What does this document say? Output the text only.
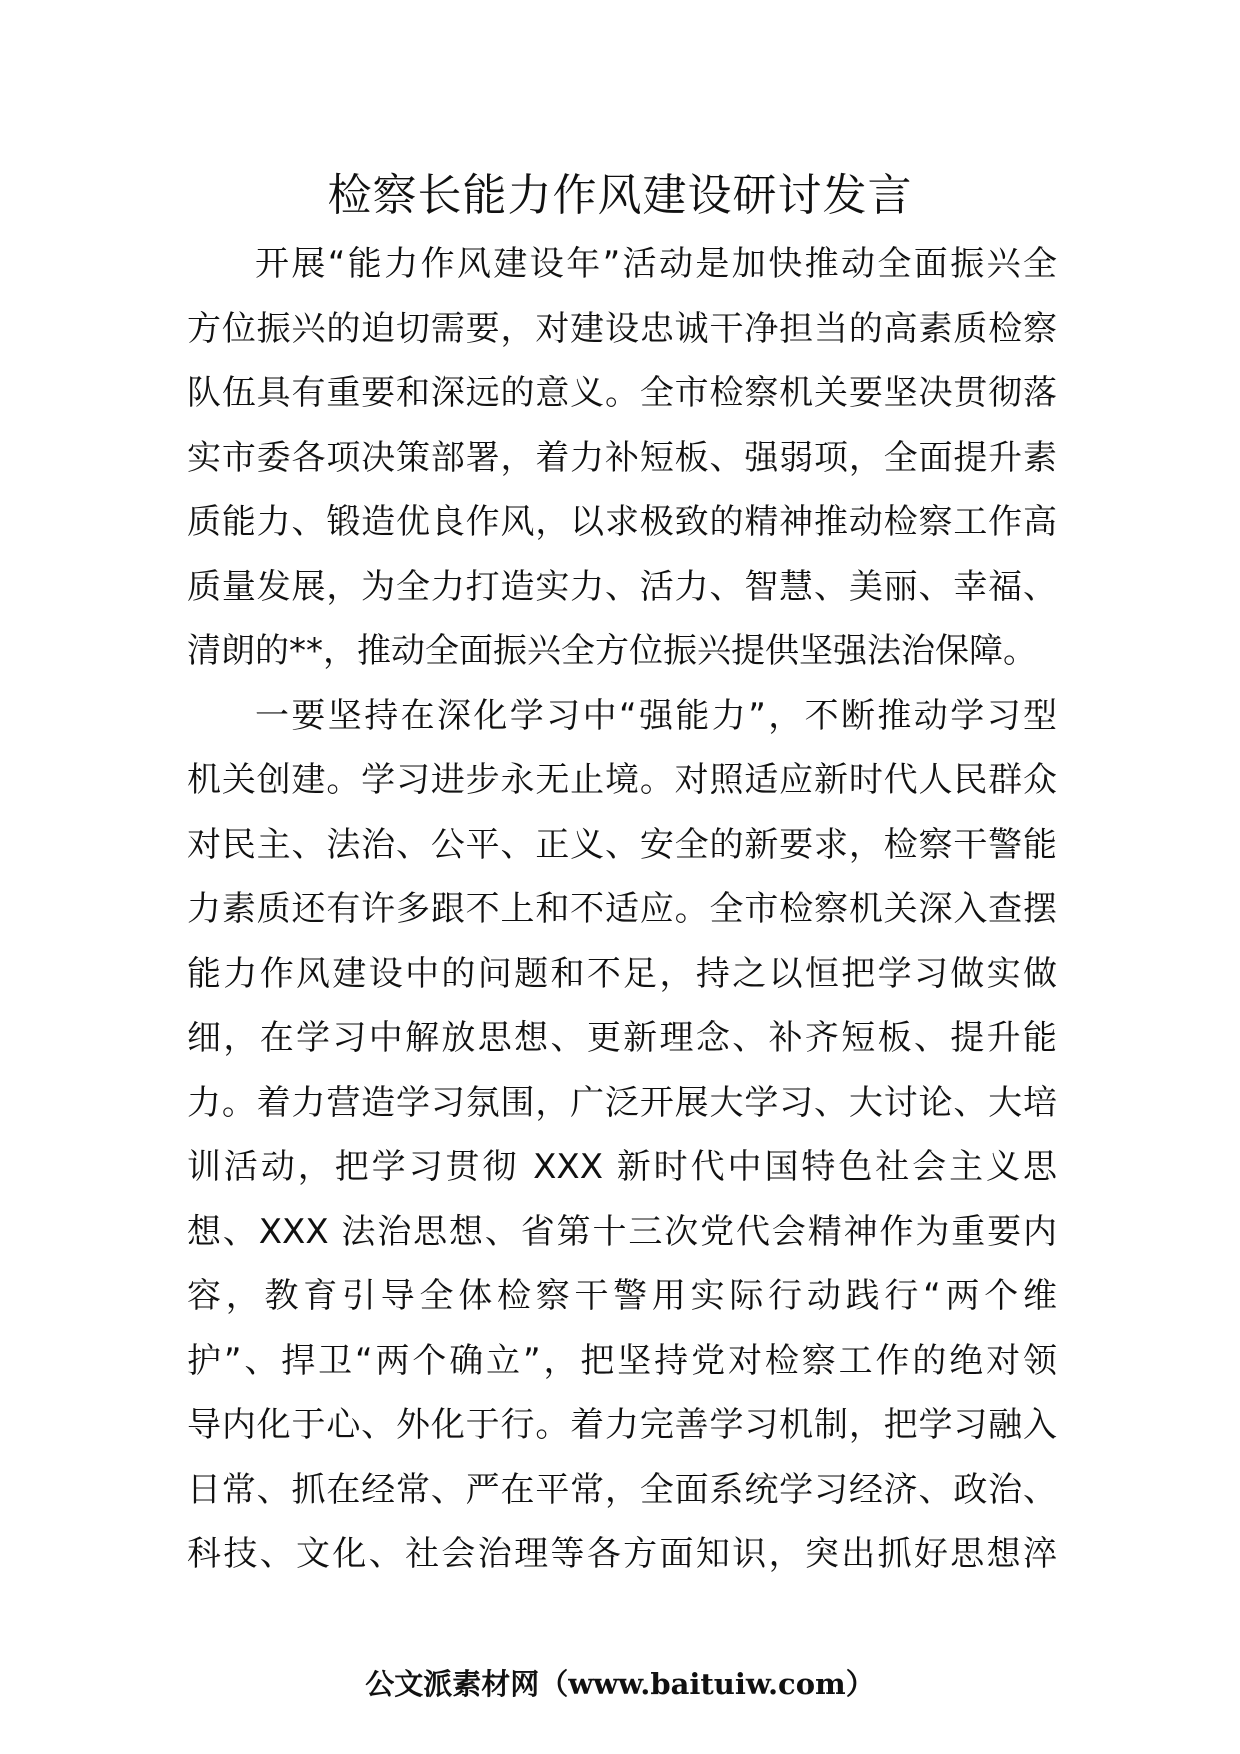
检察长能力作风建设研讨发言
开展“能力作风建设年”活动是加快推动全面振兴全
方位振兴的迫切需要，对建设忠诚干净担当的高素质检察
队伍具有重要和深远的意义。全市检察机关要坚决贯彻落
实市委各项决策部署，着力补短板、强弱项，全面提升素
质能力、锻造优良作风，以求极致的精神推动检察工作高
质量发展，为全力打造实力、活力、智慧、美丽、幸福、
清朗的**，推动全面振兴全方位振兴提供坚强法治保障。
一要坚持在深化学习中“强能力”，不断推动学习型
机关创建。学习进步永无止境。对照适应新时代人民群众
对民主、法治、公平、正义、安全的新要求，检察干警能
力素质还有许多跟不上和不适应。全市检察机关深入查摆
能力作风建设中的问题和不足，持之以恒把学习做实做
细，在学习中解放思想、更新理念、补齐短板、提升能
力。着力营造学习氛围，广泛开展大学习、大讨论、大培
训活动，把学习贯彻 XXX 新时代中国特色社会主义思
想、XXX 法治思想、省第十三次党代会精神作为重要内
容，教育引导全体检察干警用实际行动践行“两个维
护”、捍卫“两个确立”，把坚持党对检察工作的绝对领
导内化于心、外化于行。着力完善学习机制，把学习融入
日常、抓在经常、严在平常，全面系统学习经济、政治、
科技、文化、社会治理等各方面知识，突出抓好思想淬
公文派素材网（www.baituiw.com）
